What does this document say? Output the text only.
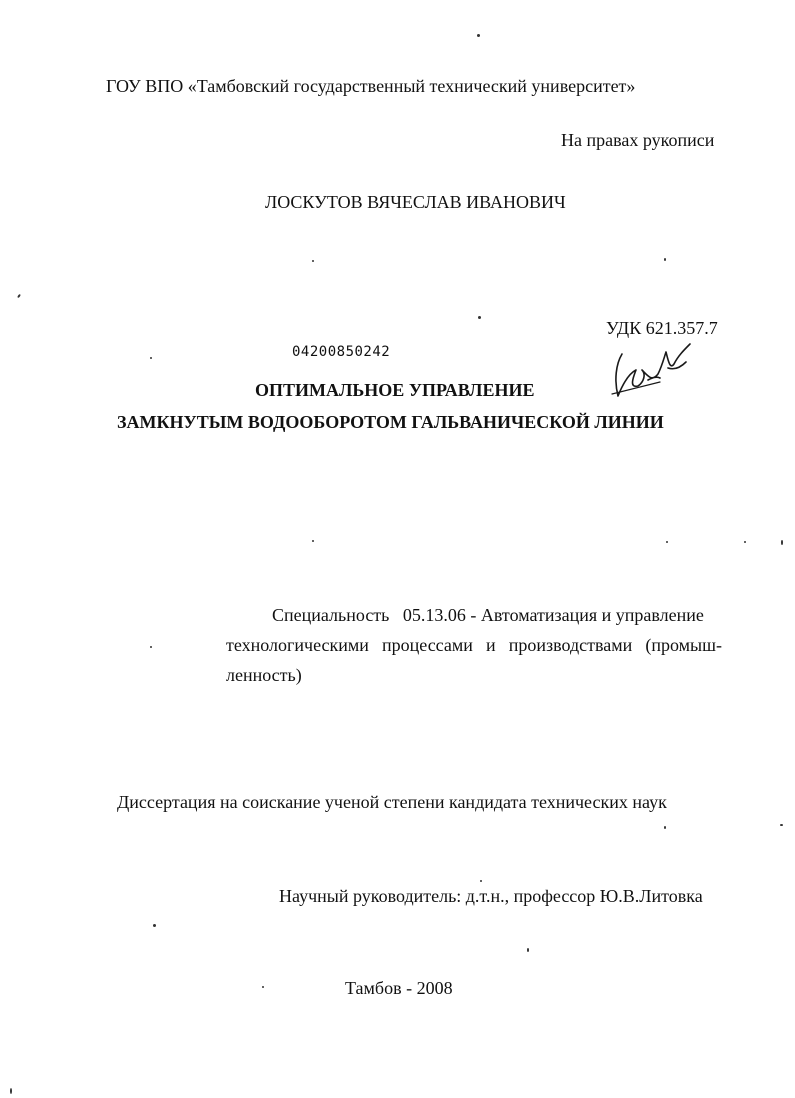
ГОУ ВПО «Тамбовский государственный технический университет»
На правах рукописи
ЛОСКУТОВ ВЯЧЕСЛАВ ИВАНОВИЧ
УДК 621.357.7
04200850242
ОПТИМАЛЬНОЕ УПРАВЛЕНИЕ
ЗАМКНУТЫМ ВОДООБОРОТОМ ГАЛЬВАНИЧЕСКОЙ ЛИНИИ
Специальность 05.13.06 - Автоматизация и управление
технологическими процессами и производствами (промыш-
ленность)
Диссертация на соискание ученой степени кандидата технических наук
Научный руководитель: д.т.н., профессор Ю.В.Литовка
Тамбов - 2008
